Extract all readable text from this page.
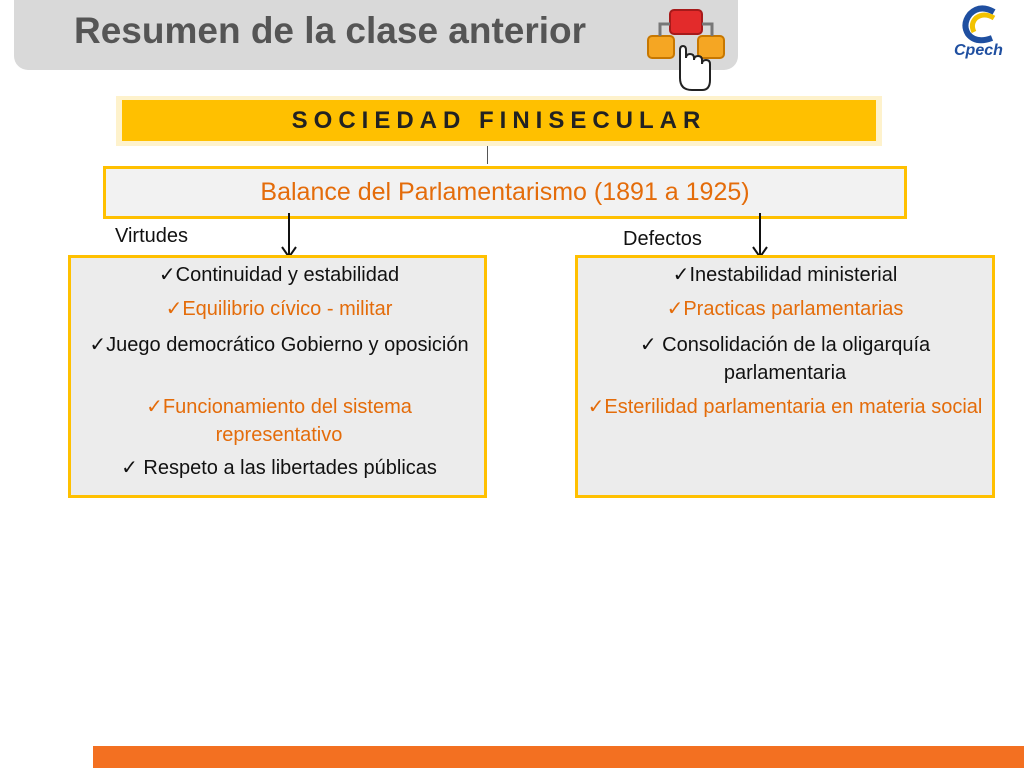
Resumen de la clase anterior	Cpech
SOCIEDAD FINISECULAR
Balance del Parlamentarismo (1891 a 1925)
Virtudes	Defectos
✓Continuidad y estabilidad
✓Equilibrio cívico - militar
✓Juego democrático Gobierno y oposición
✓Funcionamiento del sistema representativo
✓ Respeto a las libertades públicas
✓Inestabilidad ministerial
✓Practicas parlamentarias
✓ Consolidación de la oligarquía parlamentaria
✓Esterilidad parlamentaria en materia social
